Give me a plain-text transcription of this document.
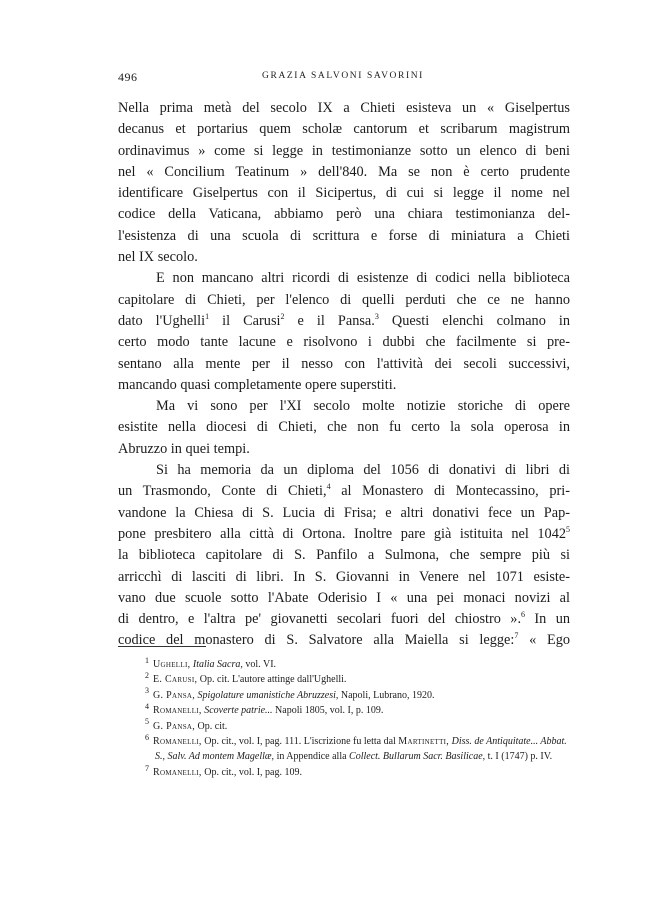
496	GRAZIA SALVONI SAVORINI
Nella prima metà del secolo IX a Chieti esisteva un « Giselpertus
decanus et portarius quem scholæ cantorum et scribarum magistrum
ordinavimus » come si legge in testimonianze sotto un elenco di beni
nel « Concilium Teatinum » dell'840. Ma se non è certo prudente
identificare Giselpertus con il Sicipertus, di cui si legge il nome nel
codice della Vaticana, abbiamo però una chiara testimonianza del-
l'esistenza di una scuola di scrittura e forse di miniatura a Chieti
nel IX secolo.
E non mancano altri ricordi di esistenze di codici nella biblioteca
capitolare di Chieti, per l'elenco di quelli perduti che ce ne hanno
dato l'Ughelli$^1$ il Carusi$^2$ e il Pansa.$^3$ Questi elenchi colmano in
certo modo tante lacune e risolvono i dubbi che facilmente si pre-
sentano alla mente per il nesso con l'attività dei secoli successivi,
mancando quasi completamente opere superstiti.
Ma vi sono per l'XI secolo molte notizie storiche di opere
esistite nella diocesi di Chieti, che non fu certo la sola operosa in
Abruzzo in quei tempi.
Si ha memoria da un diploma del 1056 di donativi di libri di
un Trasmondo, Conte di Chieti,$^4$ al Monastero di Montecassino, pri-
vandone la Chiesa di S. Lucia di Frisa; e altri donativi fece un Pap-
pone presbitero alla città di Ortona. Inoltre pare già istituita nel 1042$^5$
la biblioteca capitolare di S. Panfilo a Sulmona, che sempre più si
arricchì di lasciti di libri. In S. Giovanni in Venere nel 1071 esiste-
vano due scuole sotto l'Abate Oderisio I « una pei monaci novizi al
di dentro, e l'altra pe' giovanetti secolari fuori del chiostro ».$^6$ In un
codice del monastero di S. Salvatore alla Maiella si legge:$^7$ « Ego
$^1$ Ughelli, Italia Sacra, vol. VI.
$^2$ E. Carusi, Op. cit. L'autore attinge dall'Ughelli.
$^3$ G. Pansa, Spigolature umanistiche Abruzzesi, Napoli, Lubrano, 1920.
$^4$ Romanelli, Scoverte patrie... Napoli 1805, vol. I, p. 109.
$^5$ G. Pansa, Op. cit.
$^6$ Romanelli, Op. cit., vol. I, pag. 111. L'iscrizione fu letta dal Martinetti, Diss. de Antiquitate... Abbat. S., Salv. Ad montem Magellæ, in Appendice alla Collect. Bullarum Sacr. Basilicae, t. I (1747) p. IV.
$^7$ Romanelli, Op. cit., vol. I, pag. 109.
